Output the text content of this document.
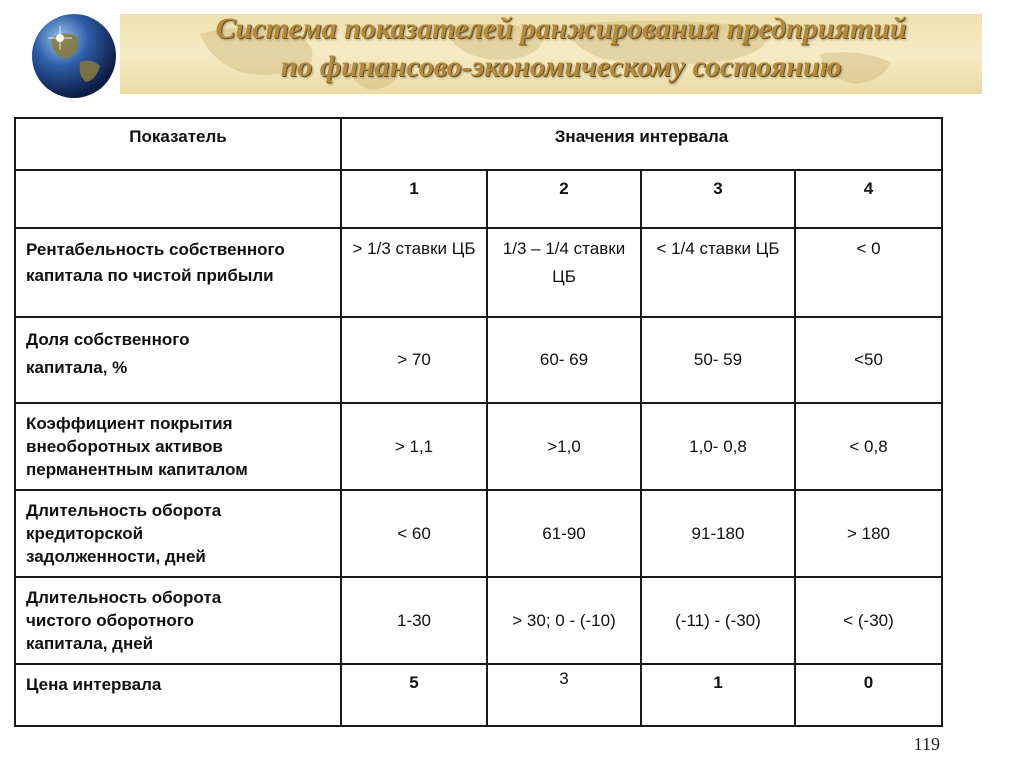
Система показателей ранжирования предприятий
по финансово-экономическому состоянию
Показатель	Значения интервала			
	1	2	3	4
Рентабельность собственного капитала по чистой прибыли	> 1/3 ставки ЦБ	1/3 – 1/4 ставки ЦБ	< 1/4 ставки ЦБ	< 0
Доля собственного капитала, %	> 70	60- 69	50- 59	<50
Коэффициент покрытия внеоборотных активов перманентным капиталом	> 1,1	>1,0	1,0- 0,8	< 0,8
Длительность оборота кредиторской задолженности, дней	< 60	61-90	91-180	> 180
Длительность оборота чистого оборотного капитала, дней	1-30	> 30; 0 - (-10)	(-11) - (-30)	< (-30)
Цена интервала	5	3	1	0
119
